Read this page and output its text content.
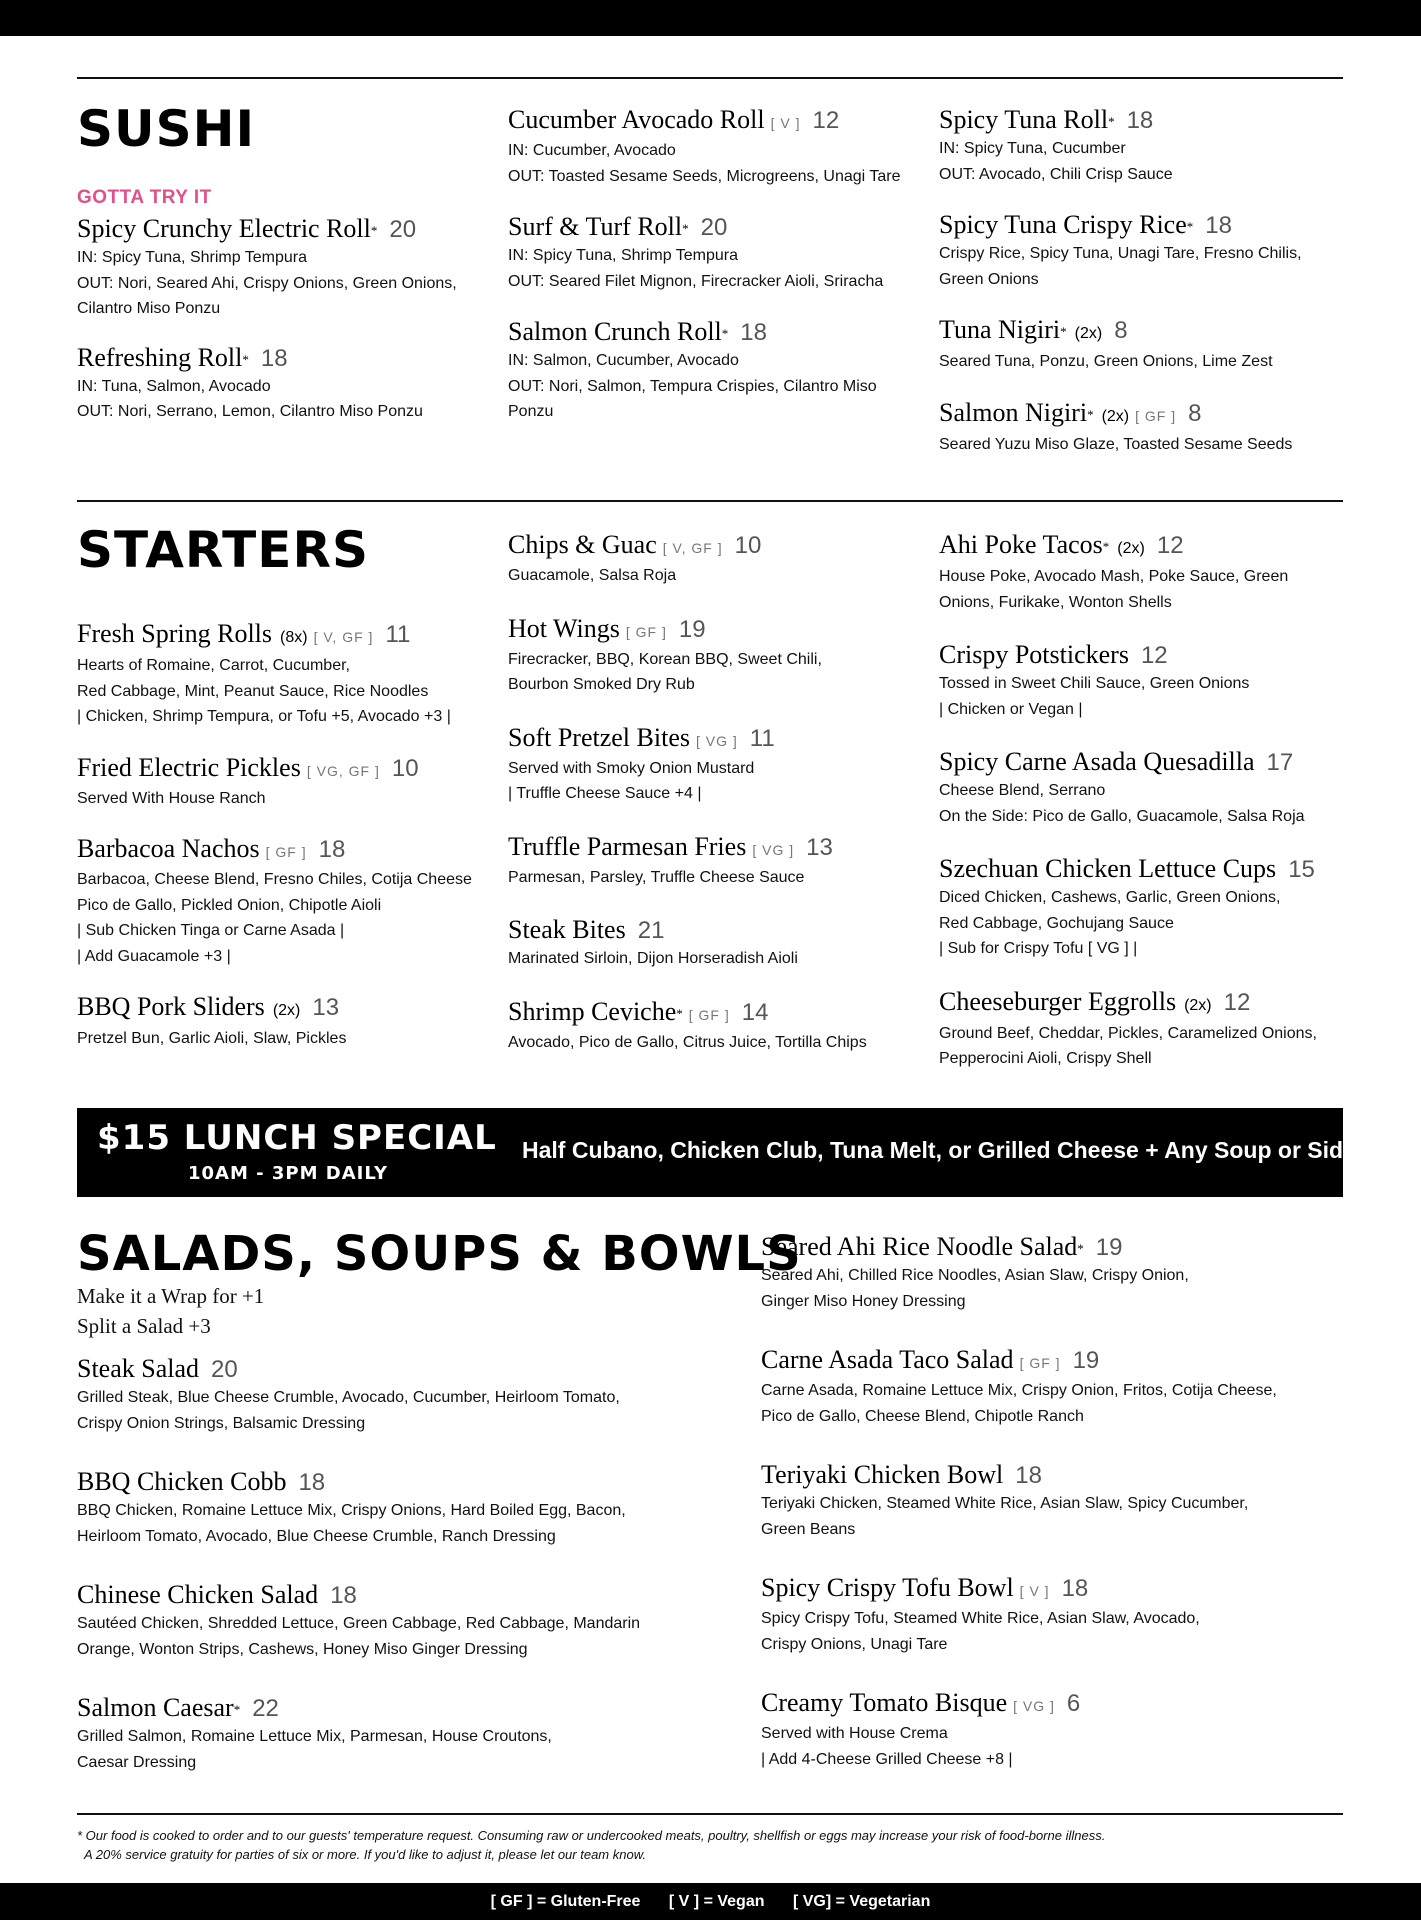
SUSHI
GOTTA TRY IT
Spicy Crunchy Electric Roll* 20
IN: Spicy Tuna, Shrimp Tempura
OUT: Nori, Seared Ahi, Crispy Onions, Green Onions,
Cilantro Miso Ponzu
Refreshing Roll* 18
IN: Tuna, Salmon, Avocado
OUT: Nori, Serrano, Lemon, Cilantro Miso Ponzu
Cucumber Avocado Roll [ V ] 12
IN: Cucumber, Avocado
OUT: Toasted Sesame Seeds, Microgreens, Unagi Tare
Surf & Turf Roll* 20
IN: Spicy Tuna, Shrimp Tempura
OUT: Seared Filet Mignon, Firecracker Aioli, Sriracha
Salmon Crunch Roll* 18
IN: Salmon, Cucumber, Avocado
OUT: Nori, Salmon, Tempura Crispies, Cilantro Miso
Ponzu
Spicy Tuna Roll* 18
IN: Spicy Tuna, Cucumber
OUT: Avocado, Chili Crisp Sauce
Spicy Tuna Crispy Rice* 18
Crispy Rice, Spicy Tuna, Unagi Tare, Fresno Chilis,
Green Onions
Tuna Nigiri* (2x) 8
Seared Tuna, Ponzu, Green Onions, Lime Zest
Salmon Nigiri* (2x) [ GF ] 8
Seared Yuzu Miso Glaze, Toasted Sesame Seeds
STARTERS
Fresh Spring Rolls (8x) [ V, GF ] 11
Hearts of Romaine, Carrot, Cucumber,
Red Cabbage, Mint, Peanut Sauce, Rice Noodles
| Chicken, Shrimp Tempura, or Tofu +5, Avocado +3 |
Fried Electric Pickles [ VG, GF ] 10
Served With House Ranch
Barbacoa Nachos [ GF ] 18
Barbacoa, Cheese Blend, Fresno Chiles, Cotija Cheese
Pico de Gallo, Pickled Onion, Chipotle Aioli
| Sub Chicken Tinga or Carne Asada |
| Add Guacamole +3 |
BBQ Pork Sliders (2x) 13
Pretzel Bun, Garlic Aioli, Slaw, Pickles
Chips & Guac [ V, GF ] 10
Guacamole, Salsa Roja
Hot Wings [ GF ] 19
Firecracker, BBQ, Korean BBQ, Sweet Chili,
Bourbon Smoked Dry Rub
Soft Pretzel Bites [ VG ] 11
Served with Smoky Onion Mustard
| Truffle Cheese Sauce +4 |
Truffle Parmesan Fries [ VG ] 13
Parmesan, Parsley, Truffle Cheese Sauce
Steak Bites 21
Marinated Sirloin, Dijon Horseradish Aioli
Shrimp Ceviche* [ GF ] 14
Avocado, Pico de Gallo, Citrus Juice, Tortilla Chips
Ahi Poke Tacos* (2x) 12
House Poke, Avocado Mash, Poke Sauce, Green
Onions, Furikake, Wonton Shells
Crispy Potstickers 12
Tossed in Sweet Chili Sauce, Green Onions
| Chicken or Vegan |
Spicy Carne Asada Quesadilla 17
Cheese Blend, Serrano
On the Side: Pico de Gallo, Guacamole, Salsa Roja
Szechuan Chicken Lettuce Cups 15
Diced Chicken, Cashews, Garlic, Green Onions,
Red Cabbage, Gochujang Sauce
| Sub for Crispy Tofu [ VG ] |
Cheeseburger Eggrolls (2x) 12
Ground Beef, Cheddar, Pickles, Caramelized Onions,
Pepperocini Aioli, Crispy Shell
$15 LUNCH SPECIAL
10AM - 3PM DAILY
Half Cubano, Chicken Club, Tuna Melt, or Grilled Cheese + Any Soup or Side
SALADS, SOUPS & BOWLS
Make it a Wrap for +1
Split a Salad +3
Steak Salad 20
Grilled Steak, Blue Cheese Crumble, Avocado, Cucumber, Heirloom Tomato,
Crispy Onion Strings, Balsamic Dressing
BBQ Chicken Cobb 18
BBQ Chicken, Romaine Lettuce Mix, Crispy Onions, Hard Boiled Egg, Bacon,
Heirloom Tomato, Avocado, Blue Cheese Crumble, Ranch Dressing
Chinese Chicken Salad 18
Sautéed Chicken, Shredded Lettuce, Green Cabbage, Red Cabbage, Mandarin
Orange, Wonton Strips, Cashews, Honey Miso Ginger Dressing
Salmon Caesar* 22
Grilled Salmon, Romaine Lettuce Mix, Parmesan, House Croutons,
Caesar Dressing
Seared Ahi Rice Noodle Salad* 19
Seared Ahi, Chilled Rice Noodles, Asian Slaw, Crispy Onion,
Ginger Miso Honey Dressing
Carne Asada Taco Salad [ GF ] 19
Carne Asada, Romaine Lettuce Mix, Crispy Onion, Fritos, Cotija Cheese,
Pico de Gallo, Cheese Blend, Chipotle Ranch
Teriyaki Chicken Bowl 18
Teriyaki Chicken, Steamed White Rice, Asian Slaw, Spicy Cucumber,
Green Beans
Spicy Crispy Tofu Bowl [ V ] 18
Spicy Crispy Tofu, Steamed White Rice, Asian Slaw, Avocado,
Crispy Onions, Unagi Tare
Creamy Tomato Bisque [ VG ] 6
Served with House Crema
| Add 4-Cheese Grilled Cheese +8 |
* Our food is cooked to order and to our guests' temperature request. Consuming raw or undercooked meats, poultry, shellfish or eggs may increase your risk of food-borne illness.
A 20% service gratuity for parties of six or more. If you'd like to adjust it, please let our team know.
[ GF ] = Gluten-Free [ V ] = Vegan [ VG] = Vegetarian
